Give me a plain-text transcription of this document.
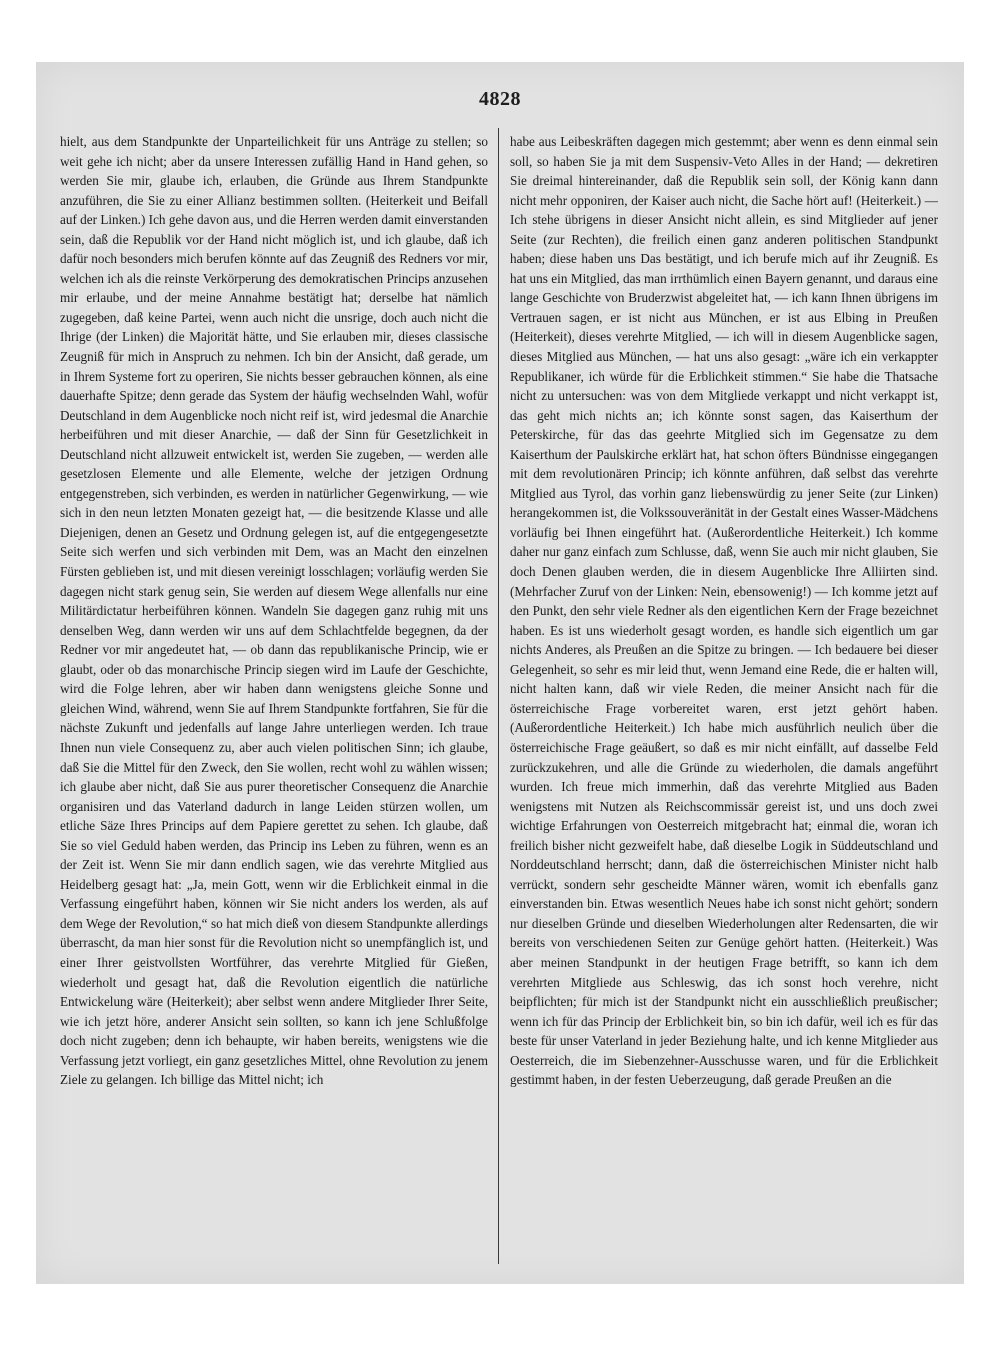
4828

hielt, aus dem Standpunkte der Unparteilichkeit für uns Anträge zu stellen; so weit gehe ich nicht; aber da unsere Interessen zufällig Hand in Hand gehen, so werden Sie mir, glaube ich, erlauben, die Gründe aus Ihrem Standpunkte anzuführen, die Sie zu einer Allianz bestimmen sollten. (Heiterkeit und Beifall auf der Linken.) Ich gehe davon aus, und die Herren werden damit einverstanden sein, daß die Republik vor der Hand nicht möglich ist, und ich glaube, daß ich dafür noch besonders mich berufen könnte auf das Zeugniß des Redners vor mir, welchen ich als die reinste Verkörperung des demokratischen Princips anzusehen mir erlaube, und der meine Annahme bestätigt hat; derselbe hat nämlich zugegeben, daß keine Partei, wenn auch nicht die unsrige, doch auch nicht die Ihrige (der Linken) die Majorität hätte, und Sie erlauben mir, dieses classische Zeugniß für mich in Anspruch zu nehmen. Ich bin der Ansicht, daß gerade, um in Ihrem Systeme fort zu operiren, Sie nichts besser gebrauchen können, als eine dauerhafte Spitze; denn gerade das System der häufig wechselnden Wahl, wofür Deutschland in dem Augenblicke noch nicht reif ist, wird jedesmal die Anarchie herbeiführen und mit dieser Anarchie, — daß der Sinn für Gesetzlichkeit in Deutschland nicht allzuweit entwickelt ist, werden Sie zugeben, — werden alle gesetzlosen Elemente und alle Elemente, welche der jetzigen Ordnung entgegenstreben, sich verbinden, es werden in natürlicher Gegenwirkung, — wie sich in den neun letzten Monaten gezeigt hat, — die besitzende Klasse und alle Diejenigen, denen an Gesetz und Ordnung gelegen ist, auf die entgegengesetzte Seite sich werfen und sich verbinden mit Dem, was an Macht den einzelnen Fürsten geblieben ist, und mit diesen vereinigt losschlagen; vorläufig werden Sie dagegen nicht stark genug sein, Sie werden auf diesem Wege allenfalls nur eine Militärdictatur herbeiführen können. Wandeln Sie dagegen ganz ruhig mit uns denselben Weg, dann werden wir uns auf dem Schlachtfelde begegnen, da der Redner vor mir angedeutet hat, — ob dann das republikanische Princip, wie er glaubt, oder ob das monarchische Princip siegen wird im Laufe der Geschichte, wird die Folge lehren, aber wir haben dann wenigstens gleiche Sonne und gleichen Wind, während, wenn Sie auf Ihrem Standpunkte fortfahren, Sie für die nächste Zukunft und jedenfalls auf lange Jahre unterliegen werden. Ich traue Ihnen nun viele Consequenz zu, aber auch vielen politischen Sinn; ich glaube, daß Sie die Mittel für den Zweck, den Sie wollen, recht wohl zu wählen wissen; ich glaube aber nicht, daß Sie aus purer theoretischer Consequenz die Anarchie organisiren und das Vaterland dadurch in lange Leiden stürzen wollen, um etliche Säze Ihres Princips auf dem Papiere gerettet zu sehen. Ich glaube, daß Sie so viel Geduld haben werden, das Princip ins Leben zu führen, wenn es an der Zeit ist. Wenn Sie mir dann endlich sagen, wie das verehrte Mitglied aus Heidelberg gesagt hat: „Ja, mein Gott, wenn wir die Erblichkeit einmal in die Verfassung eingeführt haben, können wir Sie nicht anders los werden, als auf dem Wege der Revolution,“ so hat mich dieß von diesem Standpunkte allerdings überrascht, da man hier sonst für die Revolution nicht so unempfänglich ist, und einer Ihrer geistvollsten Wortführer, das verehrte Mitglied für Gießen, wiederholt und gesagt hat, daß die Revolution eigentlich die natürliche Entwickelung wäre (Heiterkeit); aber selbst wenn andere Mitglieder Ihrer Seite, wie ich jetzt höre, anderer Ansicht sein sollten, so kann ich jene Schlußfolge doch nicht zugeben; denn ich behaupte, wir haben bereits, wenigstens wie die Verfassung jetzt vorliegt, ein ganz gesetzliches Mittel, ohne Revolution zu jenem Ziele zu gelangen. Ich billige das Mittel nicht; ich

habe aus Leibeskräften dagegen mich gestemmt; aber wenn es denn einmal sein soll, so haben Sie ja mit dem Suspensiv-Veto Alles in der Hand; — dekretiren Sie dreimal hintereinander, daß die Republik sein soll, der König kann dann nicht mehr opponiren, der Kaiser auch nicht, die Sache hört auf! (Heiterkeit.) — Ich stehe übrigens in dieser Ansicht nicht allein, es sind Mitglieder auf jener Seite (zur Rechten), die freilich einen ganz anderen politischen Standpunkt haben; diese haben uns Das bestätigt, und ich berufe mich auf ihr Zeugniß. Es hat uns ein Mitglied, das man irrthümlich einen Bayern genannt, und daraus eine lange Geschichte von Bruderzwist abgeleitet hat, — ich kann Ihnen übrigens im Vertrauen sagen, er ist nicht aus München, er ist aus Elbing in Preußen (Heiterkeit), dieses verehrte Mitglied, — ich will in diesem Augenblicke sagen, dieses Mitglied aus München, — hat uns also gesagt: „wäre ich ein verkappter Republikaner, ich würde für die Erblichkeit stimmen.“ Sie habe die Thatsache nicht zu untersuchen: was von dem Mitgliede verkappt und nicht verkappt ist, das geht mich nichts an; ich könnte sonst sagen, das Kaiserthum der Peterskirche, für das das geehrte Mitglied sich im Gegensatze zu dem Kaiserthum der Paulskirche erklärt hat, hat schon öfters Bündnisse eingegangen mit dem revolutionären Princip; ich könnte anführen, daß selbst das verehrte Mitglied aus Tyrol, das vorhin ganz liebenswürdig zu jener Seite (zur Linken) herangekommen ist, die Volkssouveränität in der Gestalt eines Wasser-Mädchens vorläufig bei Ihnen eingeführt hat. (Außerordentliche Heiterkeit.) Ich komme daher nur ganz einfach zum Schlusse, daß, wenn Sie auch mir nicht glauben, Sie doch Denen glauben werden, die in diesem Augenblicke Ihre Alliirten sind. (Mehrfacher Zuruf von der Linken: Nein, ebensowenig!) — Ich komme jetzt auf den Punkt, den sehr viele Redner als den eigentlichen Kern der Frage bezeichnet haben. Es ist uns wiederholt gesagt worden, es handle sich eigentlich um gar nichts Anderes, als Preußen an die Spitze zu bringen. — Ich bedauere bei dieser Gelegenheit, so sehr es mir leid thut, wenn Jemand eine Rede, die er halten will, nicht halten kann, daß wir viele Reden, die meiner Ansicht nach für die österreichische Frage vorbereitet waren, erst jetzt gehört haben. (Außerordentliche Heiterkeit.) Ich habe mich ausführlich neulich über die österreichische Frage geäußert, so daß es mir nicht einfällt, auf dasselbe Feld zurückzukehren, und alle die Gründe zu wiederholen, die damals angeführt wurden. Ich freue mich immerhin, daß das verehrte Mitglied aus Baden wenigstens mit Nutzen als Reichscommissär gereist ist, und uns doch zwei wichtige Erfahrungen von Oesterreich mitgebracht hat; einmal die, woran ich freilich bisher nicht gezweifelt habe, daß dieselbe Logik in Süddeutschland und Norddeutschland herrscht; dann, daß die österreichischen Minister nicht halb verrückt, sondern sehr gescheidte Männer wären, womit ich ebenfalls ganz einverstanden bin. Etwas wesentlich Neues habe ich sonst nicht gehört; sondern nur dieselben Gründe und dieselben Wiederholungen alter Redensarten, die wir bereits von verschiedenen Seiten zur Genüge gehört hatten. (Heiterkeit.) Was aber meinen Standpunkt in der heutigen Frage betrifft, so kann ich dem verehrten Mitgliede aus Schleswig, das ich sonst hoch verehre, nicht beipflichten; für mich ist der Standpunkt nicht ein ausschließlich preußischer; wenn ich für das Princip der Erblichkeit bin, so bin ich dafür, weil ich es für das beste für unser Vaterland in jeder Beziehung halte, und ich kenne Mitglieder aus Oesterreich, die im Siebenzehner-Ausschusse waren, und für die Erblichkeit gestimmt haben, in der festen Ueberzeugung, daß gerade Preußen an die
